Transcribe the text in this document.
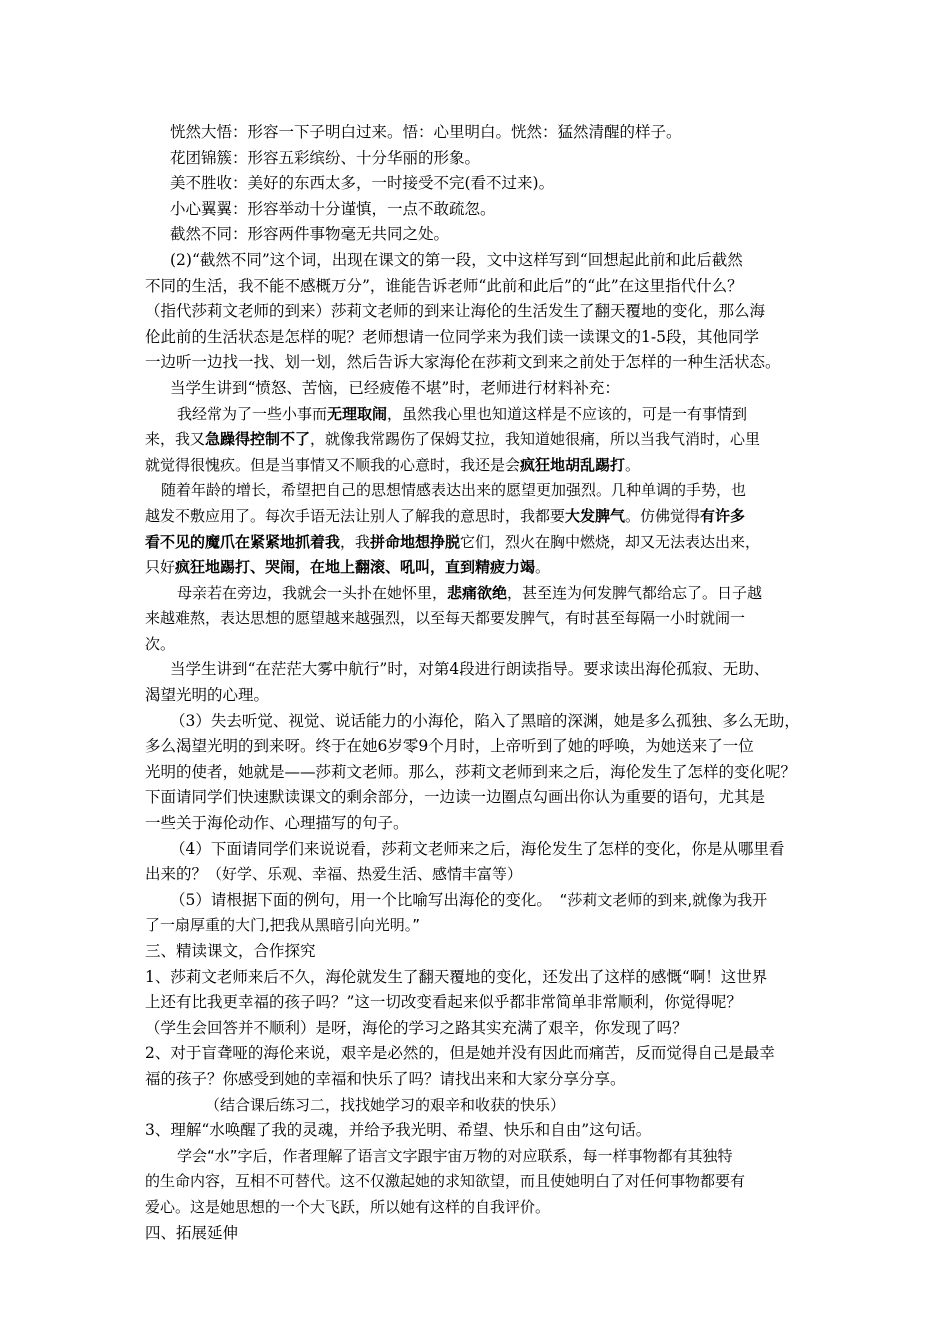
恍然大悟：形容一下子明白过来。悟：心里明白。恍然：猛然清醒的样子。
花团锦簇：形容五彩缤纷、十分华丽的形象。
美不胜收：美好的东西太多，一时接受不完(看不过来)。
小心翼翼：形容举动十分谨慎，一点不敢疏忽。
截然不同：形容两件事物毫无共同之处。
(2)“截然不同”这个词，出现在课文的第一段，文中这样写到“回想起此前和此后截然
不同的生活，我不能不感概万分”，谁能告诉老师“此前和此后”的“此”在这里指代什么？
（指代莎莉文老师的到来）莎莉文老师的到来让海伦的生活发生了翻天覆地的变化，那么海
伦此前的生活状态是怎样的呢？老师想请一位同学来为我们读一读课文的1-5段，其他同学
一边听一边找一找、划一划，然后告诉大家海伦在莎莉文到来之前处于怎样的一种生活状态。
当学生讲到“愤怒、苦恼，已经疲倦不堪”时，老师进行材料补充：
我经常为了一些小事而无理取闹，虽然我心里也知道这样是不应该的，可是一有事情到
来，我又急躁得控制不了，就像我常踢伤了保姆艾拉，我知道她很痛，所以当我气消时，心里
就觉得很愧疚。但是当事情又不顺我的心意时，我还是会疯狂地胡乱踢打。
随着年龄的增长，希望把自己的思想情感表达出来的愿望更加强烈。几种单调的手势，也
越发不敷应用了。每次手语无法让别人了解我的意思时，我都要大发脾气。仿佛觉得有许多
看不见的魔爪在紧紧地抓着我，我拼命地想挣脱它们，烈火在胸中燃烧，却又无法表达出来，
只好疯狂地踢打、哭闹，在地上翻滚、吼叫，直到精疲力竭。
母亲若在旁边，我就会一头扑在她怀里，悲痛欲绝，甚至连为何发脾气都给忘了。日子越
来越难熬，表达思想的愿望越来越强烈，以至每天都要发脾气，有时甚至每隔一小时就闹一
次。
当学生讲到“在茫茫大雾中航行”时，对第4段进行朗读指导。要求读出海伦孤寂、无助、
渴望光明的心理。
（3）失去听觉、视觉、说话能力的小海伦，陷入了黑暗的深渊，她是多么孤独、多么无助，
多么渴望光明的到来呀。终于在她6岁零9个月时，上帝听到了她的呼唤，为她送来了一位
光明的使者，她就是——莎莉文老师。那么，莎莉文老师到来之后，海伦发生了怎样的变化呢？
下面请同学们快速默读课文的剩余部分，一边读一边圈点勾画出你认为重要的语句，尤其是
一些关于海伦动作、心理描写的句子。
（4）下面请同学们来说说看，莎莉文老师来之后，海伦发生了怎样的变化，你是从哪里看
出来的？（好学、乐观、幸福、热爱生活、感情丰富等）
（5）请根据下面的例句，用一个比喻写出海伦的变化。　“莎莉文老师的到来,就像为我开
了一扇厚重的大门,把我从黑暗引向光明。”
三、精读课文，合作探究
1、莎莉文老师来后不久，海伦就发生了翻天覆地的变化，还发出了这样的感慨“啊！这世界
上还有比我更幸福的孩子吗？”这一切改变看起来似乎都非常简单非常顺利，你觉得呢？
（学生会回答并不顺利）是呀，海伦的学习之路其实充满了艰辛，你发现了吗？
2、对于盲聋哑的海伦来说，艰辛是必然的，但是她并没有因此而痛苦，反而觉得自己是最幸
福的孩子？你感受到她的幸福和快乐了吗？请找出来和大家分享分享。
（结合课后练习二，找找她学习的艰辛和收获的快乐）
3、理解“水唤醒了我的灵魂，并给予我光明、希望、快乐和自由”这句话。
学会“水”字后，作者理解了语言文字跟宇宙万物的对应联系，每一样事物都有其独特
的生命内容，互相不可替代。这不仅激起她的求知欲望，而且使她明白了对任何事物都要有
爱心。这是她思想的一个大飞跃，所以她有这样的自我评价。
四、拓展延伸
